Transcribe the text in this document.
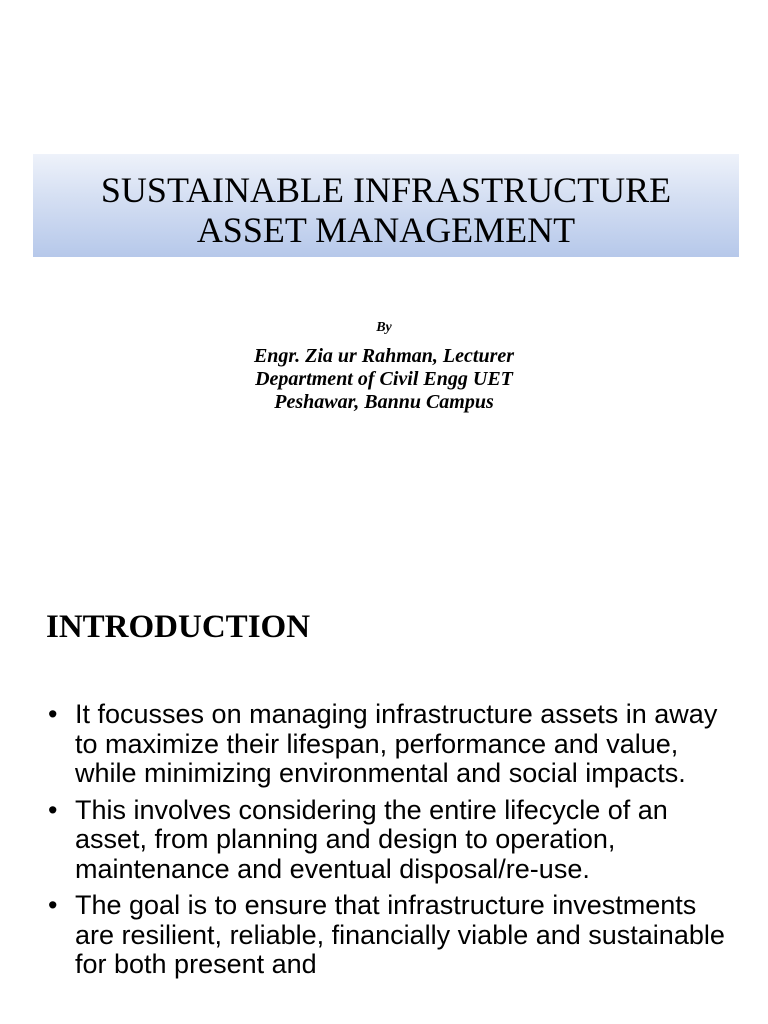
SUSTAINABLE INFRASTRUCTURE
ASSET MANAGEMENT
By
Engr. Zia ur Rahman, Lecturer
Department of Civil Engg UET
Peshawar, Bannu Campus
INTRODUCTION
• It focusses on managing infrastructure assets in away to maximize their lifespan, performance and value, while minimizing environmental and social impacts.
• This involves considering the entire lifecycle of an asset, from planning and design to operation, maintenance and eventual disposal/re-use.
• The goal is to ensure that infrastructure investments are resilient, reliable, financially viable and sustainable for both present and
